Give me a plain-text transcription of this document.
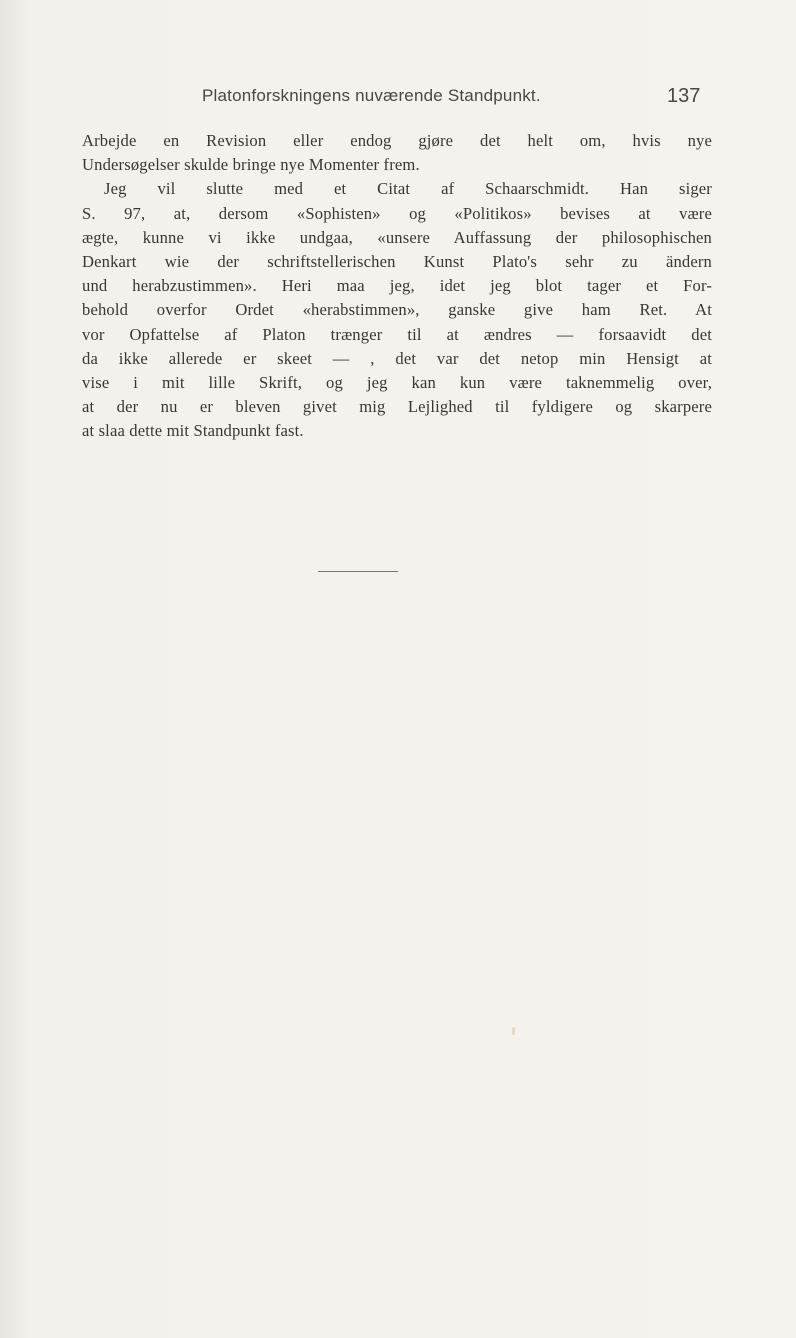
Platonforskningens nuværende Standpunkt.	137
Arbejde en Revision eller endog gjøre det helt om, hvis nye
Undersøgelser skulde bringe nye Momenter frem.
Jeg vil slutte med et Citat af Schaarschmidt. Han siger
S. 97, at, dersom «Sophisten» og «Politikos» bevises at være
ægte, kunne vi ikke undgaa, «unsere Auffassung der philosophischen
Denkart wie der schriftstellerischen Kunst Plato's sehr zu ändern
und herabzustimmen». Heri maa jeg, idet jeg blot tager et For-
behold overfor Ordet «herabstimmen», ganske give ham Ret. At
vor Opfattelse af Platon trænger til at ændres — forsaavidt det
da ikke allerede er skeet — , det var det netop min Hensigt at
vise i mit lille Skrift, og jeg kan kun være taknemmelig over,
at der nu er bleven givet mig Lejlighed til fyldigere og skarpere
at slaa dette mit Standpunkt fast.
